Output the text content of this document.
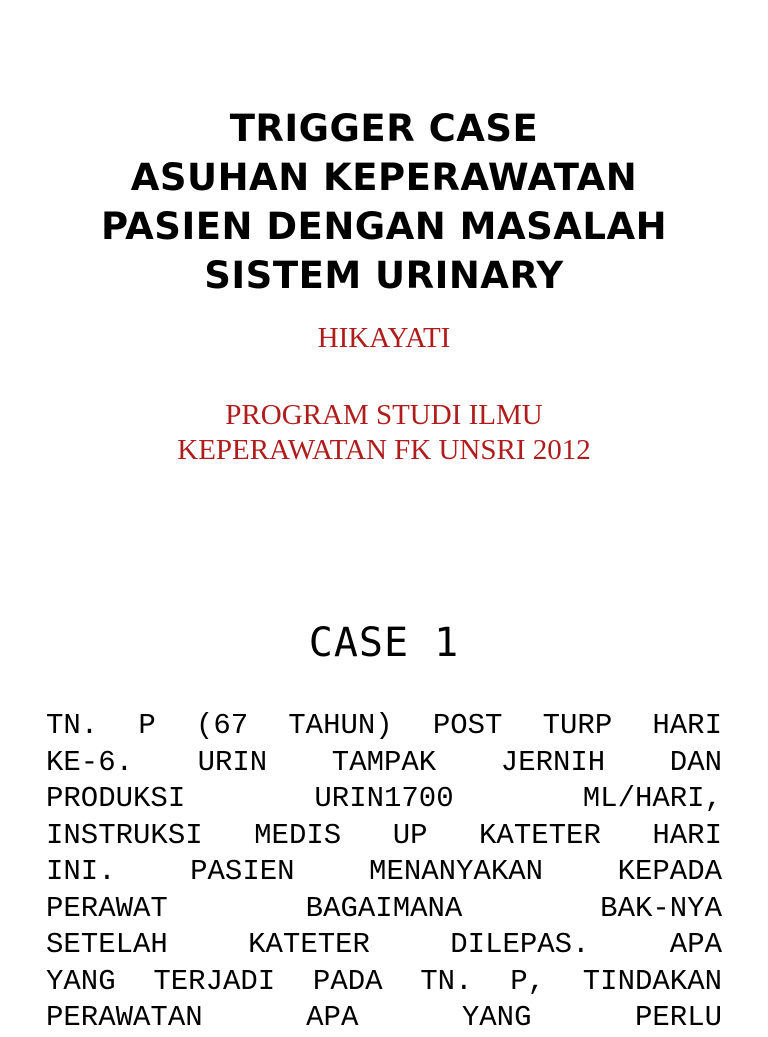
TRIGGER CASE
ASUHAN KEPERAWATAN
PASIEN DENGAN MASALAH
SISTEM URINARY
HIKAYATI
PROGRAM STUDI ILMU
KEPERAWATAN FK UNSRI 2012
CASE 1
TN. P (67 TAHUN) POST TURP HARI
KE-6. URIN TAMPAK JERNIH DAN
PRODUKSI URIN1700 ML/HARI,
INSTRUKSI MEDIS UP KATETER HARI
INI. PASIEN MENANYAKAN KEPADA
PERAWAT BAGAIMANA BAK-NYA
SETELAH KATETER DILEPAS. APA
YANG TERJADI PADA TN. P, TINDAKAN
PERAWATAN APA YANG PERLU
